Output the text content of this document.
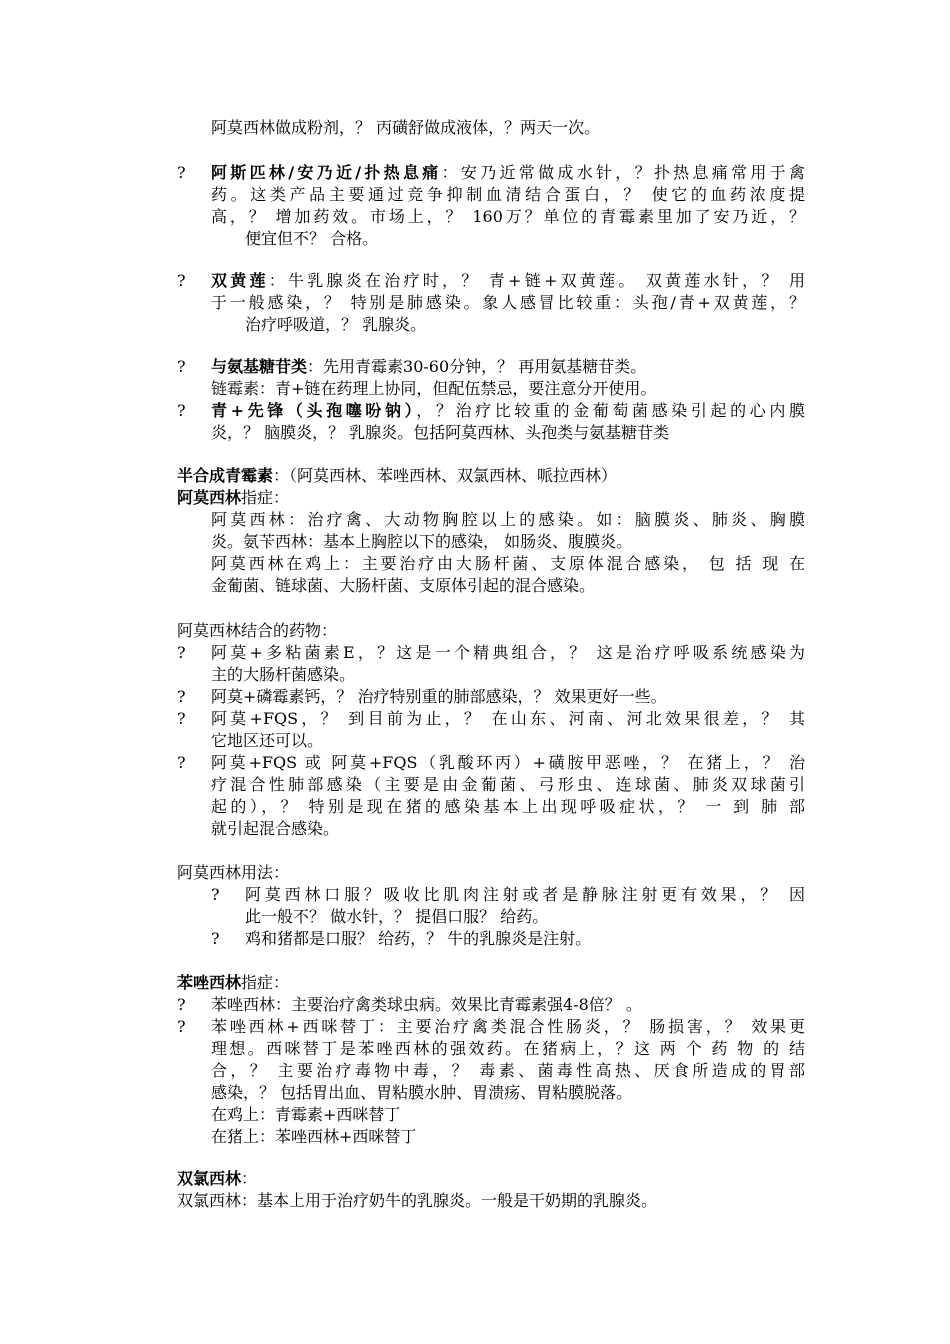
阿莫西林做成粉剂，？ 丙磺舒做成液体，？两天一次。
? 阿斯匹林/安乃近/扑热息痛：安乃近常做成水针，？扑热息痛常用于禽
药。这类产品主要通过竞争抑制血清结合蛋白，？ 使它的血药浓度提
高，？ 增加药效。市场上，？ 160万？单位的青霉素里加了安乃近，？
便宜但不？ 合格。
? 双黄莲：牛乳腺炎在治疗时，？ 青+链+双黄莲。 双黄莲水针，？ 用
于一般感染，？ 特别是肺感染。象人感冒比较重：头孢/青+双黄莲，？
治疗呼吸道，？ 乳腺炎。
? 与氨基糖苷类：先用青霉素30-60分钟，？ 再用氨基糖苷类。
链霉素：青+链在药理上协同，但配伍禁忌，要注意分开使用。
? 青+先锋（头孢噻吩钠），？治疗比较重的金葡萄菌感染引起的心内膜
炎，？ 脑膜炎，？ 乳腺炎。包括阿莫西林、头孢类与氨基糖苷类
半合成青霉素：（阿莫西林、苯唑西林、双氯西林、哌拉西林）
阿莫西林指症：
阿莫西林：治疗禽、大动物胸腔以上的感染。如：脑膜炎、肺炎、胸膜
炎。氨苄西林：基本上胸腔以下的感染， 如肠炎、腹膜炎。
阿莫西林在鸡上：主要治疗由大肠杆菌、支原体混合感染， 包 括 现 在
金葡菌、链球菌、大肠杆菌、支原体引起的混合感染。
阿莫西林结合的药物：
? 阿莫+多粘菌素E，？这是一个精典组合，？ 这是治疗呼吸系统感染为
主的大肠杆菌感染。
? 阿莫+磷霉素钙，？ 治疗特别重的肺部感染，？ 效果更好一些。
? 阿莫+FQS，？ 到目前为止，？ 在山东、河南、河北效果很差，？ 其
它地区还可以。
? 阿莫+FQS 或 阿莫+FQS（乳酸环丙）+磺胺甲恶唑，？ 在猪上，？ 治
疗混合性肺部感染（主要是由金葡菌、弓形虫、连球菌、肺炎双球菌引
起的），？ 特别是现在猪的感染基本上出现呼吸症状，？ 一 到 肺 部
就引起混合感染。
阿莫西林用法：
? 阿莫西林口服？吸收比肌肉注射或者是静脉注射更有效果，？ 因
此一般不？ 做水针，？ 提倡口服？ 给药。
? 鸡和猪都是口服？ 给药，？ 牛的乳腺炎是注射。
苯唑西林指症：
? 苯唑西林：主要治疗禽类球虫病。效果比青霉素强4-8倍？ 。
? 苯唑西林+西咪替丁：主要治疗禽类混合性肠炎，？ 肠损害，？ 效果更
理想。西咪替丁是苯唑西林的强效药。在猪病上，？这 两 个 药 物 的 结
合，？ 主要治疗毒物中毒，？ 毒素、菌毒性高热、厌食所造成的胃部
感染，？ 包括胃出血、胃粘膜水肿、胃溃疡、胃粘膜脱落。
在鸡上：青霉素+西咪替丁
在猪上：苯唑西林+西咪替丁
双氯西林：
双氯西林：基本上用于治疗奶牛的乳腺炎。一般是干奶期的乳腺炎。
